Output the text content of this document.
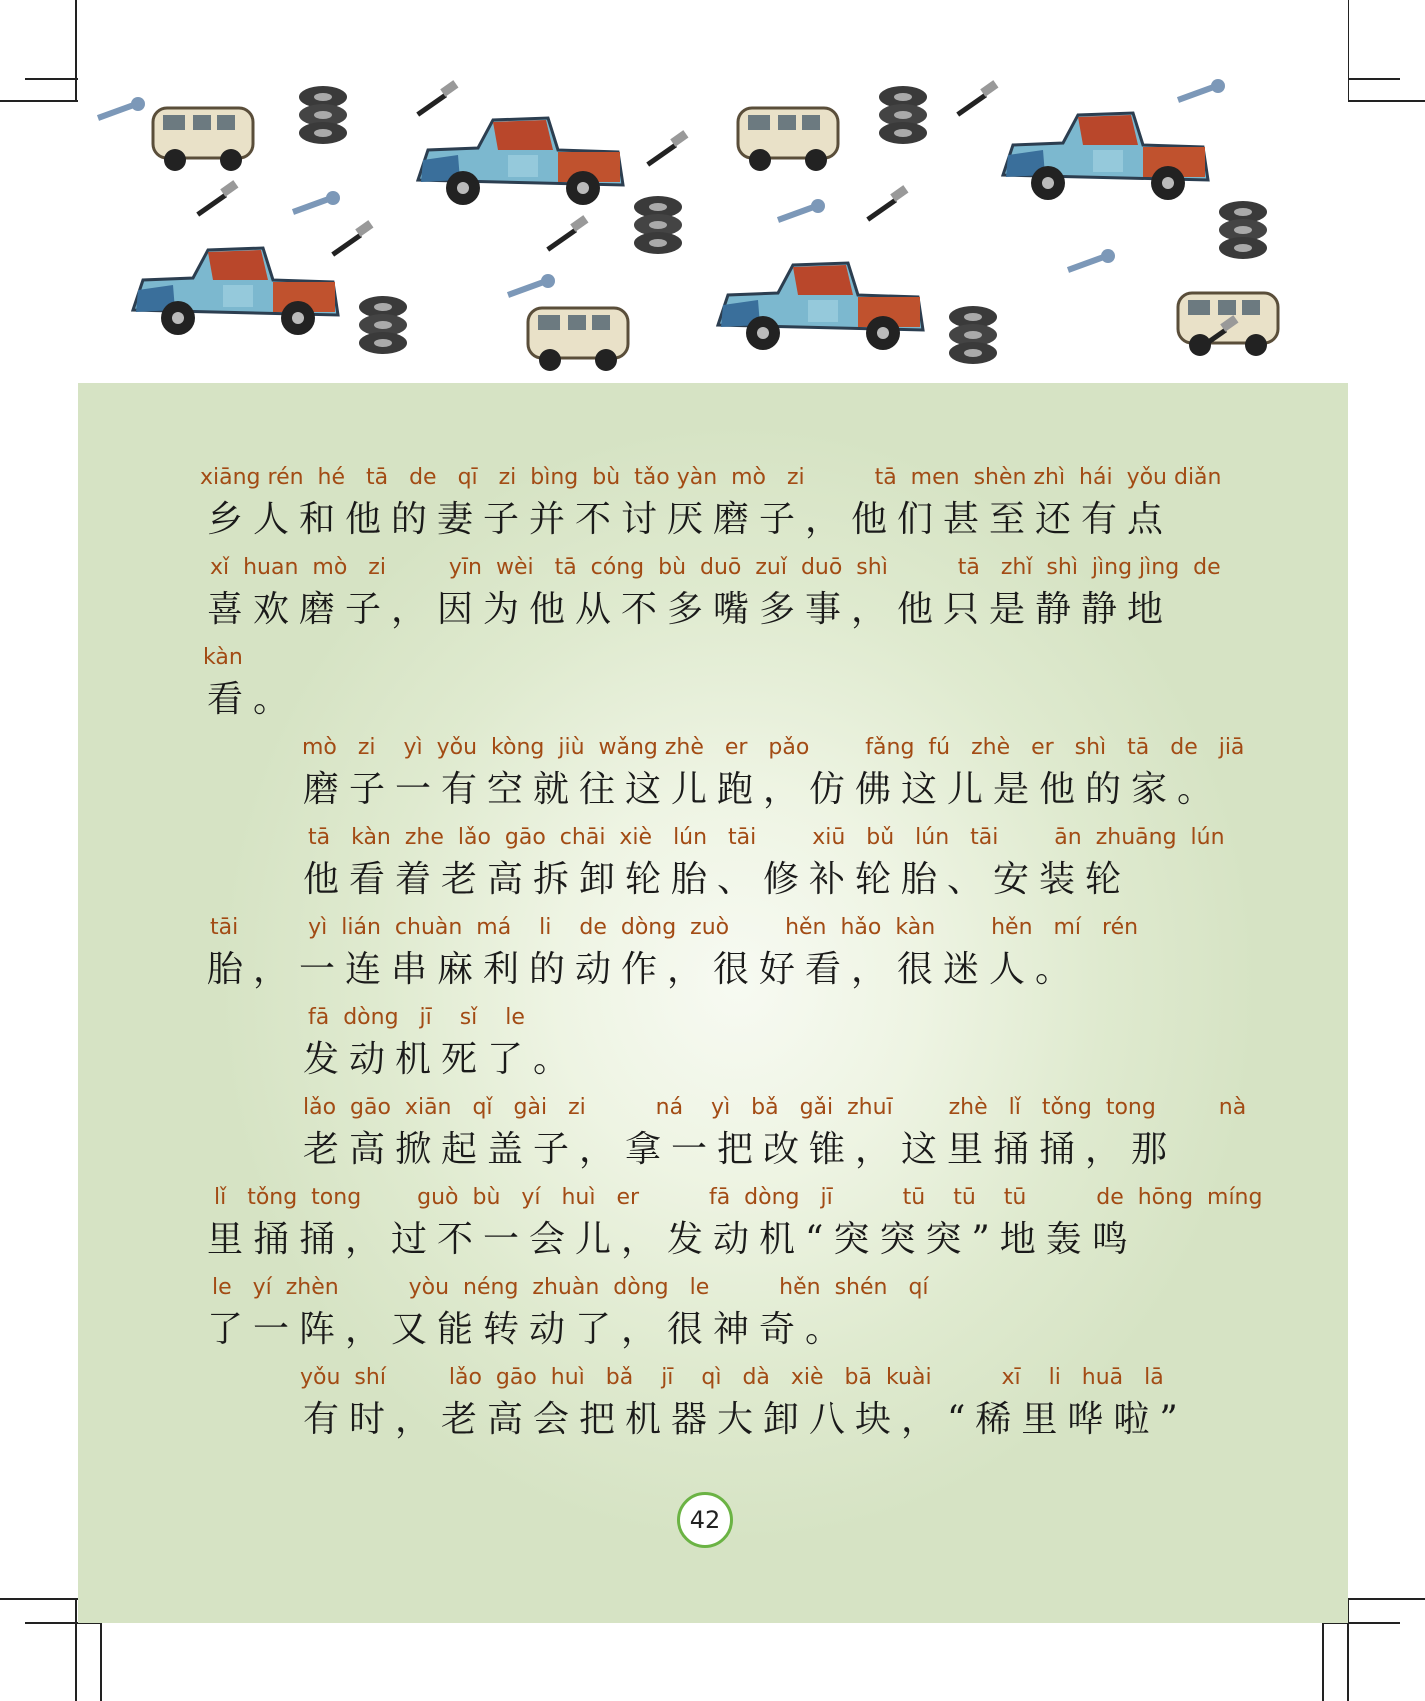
xiāng rén  hé   tā   de   qī   zi  bìng  bù  tǎo yàn  mò   zi          tā  men  shèn zhì  hái  yǒu diǎn
乡人和他的妻子并不讨厌磨子，他们甚至还有点
xǐ  huan  mò   zi         yīn  wèi   tā  cóng  bù  duō  zuǐ  duō  shì          tā   zhǐ  shì  jìng jìng  de
喜欢磨子，因为他从不多嘴多事，他只是静静地
kàn
看。
mò   zi    yì  yǒu  kòng  jiù  wǎng zhè   er   pǎo        fǎng  fú   zhè   er   shì   tā   de   jiā
磨子一有空就往这儿跑，仿佛这儿是他的家。
tā   kàn  zhe  lǎo  gāo  chāi  xiè   lún   tāi        xiū   bǔ   lún   tāi        ān  zhuāng  lún
他看着老高拆卸轮胎、修补轮胎、安装轮
tāi          yì  lián  chuàn  má    li    de  dòng  zuò        hěn  hǎo  kàn        hěn   mí   rén
胎，一连串麻利的动作，很好看，很迷人。
fā  dòng   jī    sǐ    le
发动机死了。
lǎo  gāo  xiān   qǐ   gài   zi          ná    yì   bǎ   gǎi  zhuī        zhè   lǐ   tǒng  tong         nà
老高掀起盖子，拿一把改锥，这里捅捅，那
lǐ   tǒng  tong        guò  bù   yí   huì   er          fā  dòng   jī          tū    tū    tū          de  hōng  míng
里捅捅，过不一会儿，发动机“突突突”地轰鸣
le   yí  zhèn          yòu  néng  zhuàn  dòng   le          hěn  shén   qí
了一阵，又能转动了，很神奇。
yǒu  shí         lǎo  gāo  huì   bǎ    jī    qì   dà   xiè   bā  kuài          xī    li   huā   lā
有时，老高会把机器大卸八块，“稀里哗啦”
42
